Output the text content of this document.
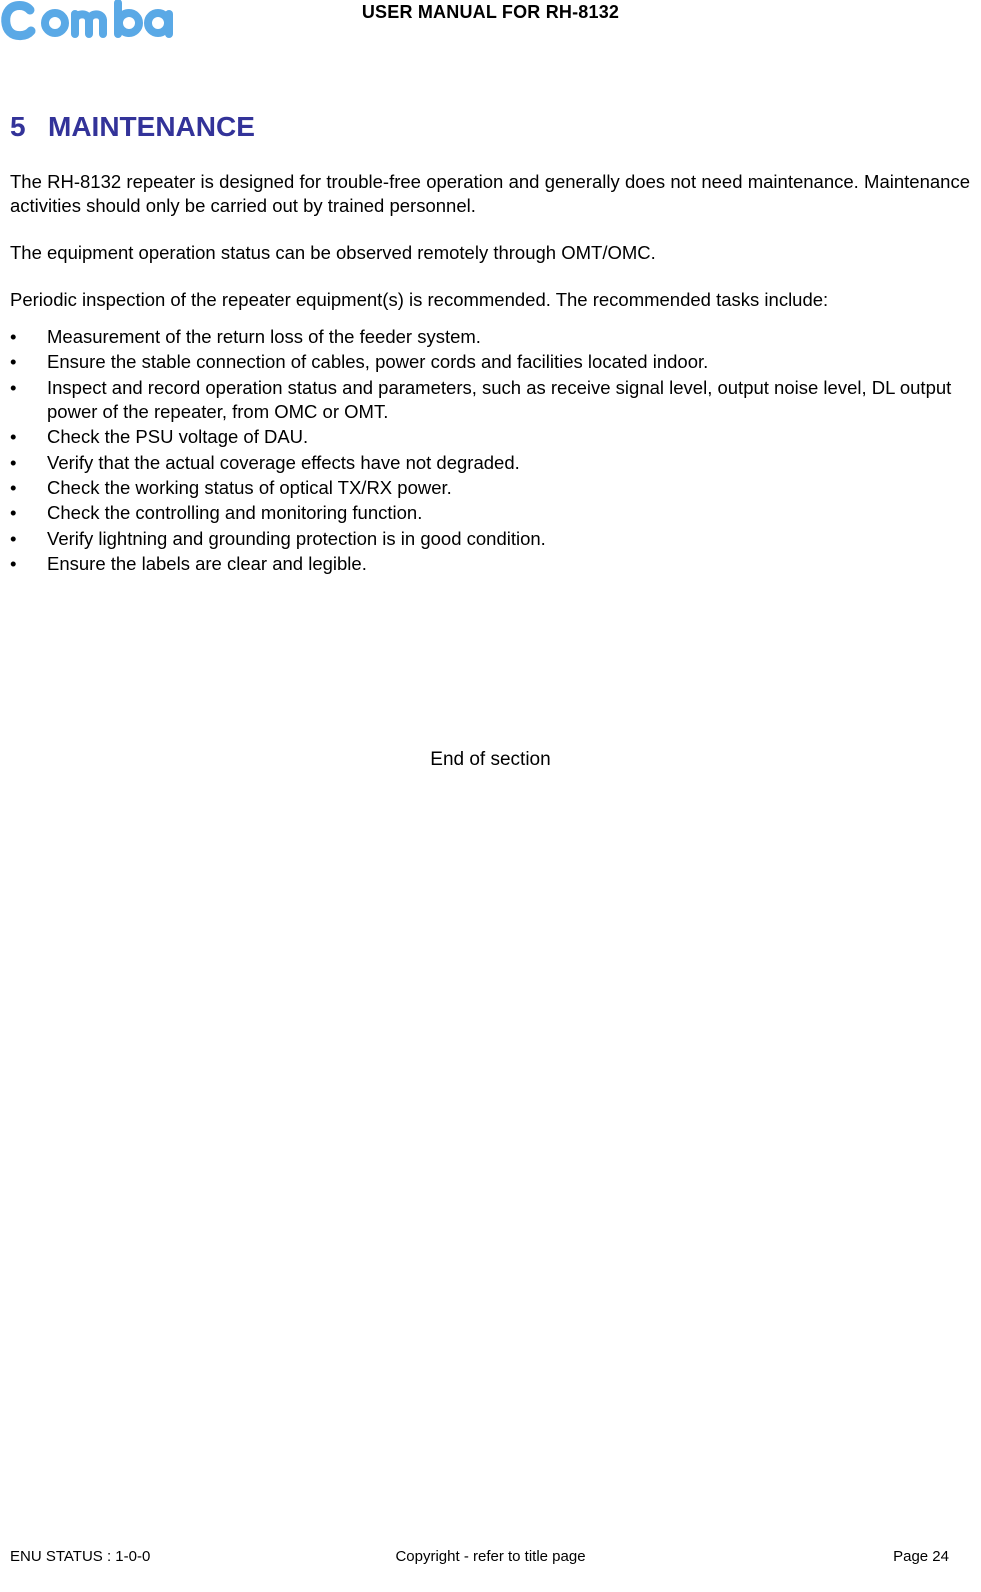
USER MANUAL FOR RH-8132
5 MAINTENANCE

The RH-8132 repeater is designed for trouble-free operation and generally does not need maintenance. Maintenance activities should only be carried out by trained personnel.

The equipment operation status can be observed remotely through OMT/OMC.

Periodic inspection of the repeater equipment(s) is recommended. The recommended tasks include:

• Measurement of the return loss of the feeder system.
• Ensure the stable connection of cables, power cords and facilities located indoor.
• Inspect and record operation status and parameters, such as receive signal level, output noise level, DL output power of the repeater, from OMC or OMT.
• Check the PSU voltage of DAU.
• Verify that the actual coverage effects have not degraded.
• Check the working status of optical TX/RX power.
• Check the controlling and monitoring function.
• Verify lightning and grounding protection is in good condition.
• Ensure the labels are clear and legible.
End of section
Copyright - refer to title page
ENU STATUS : 1-0-0	Page 24
